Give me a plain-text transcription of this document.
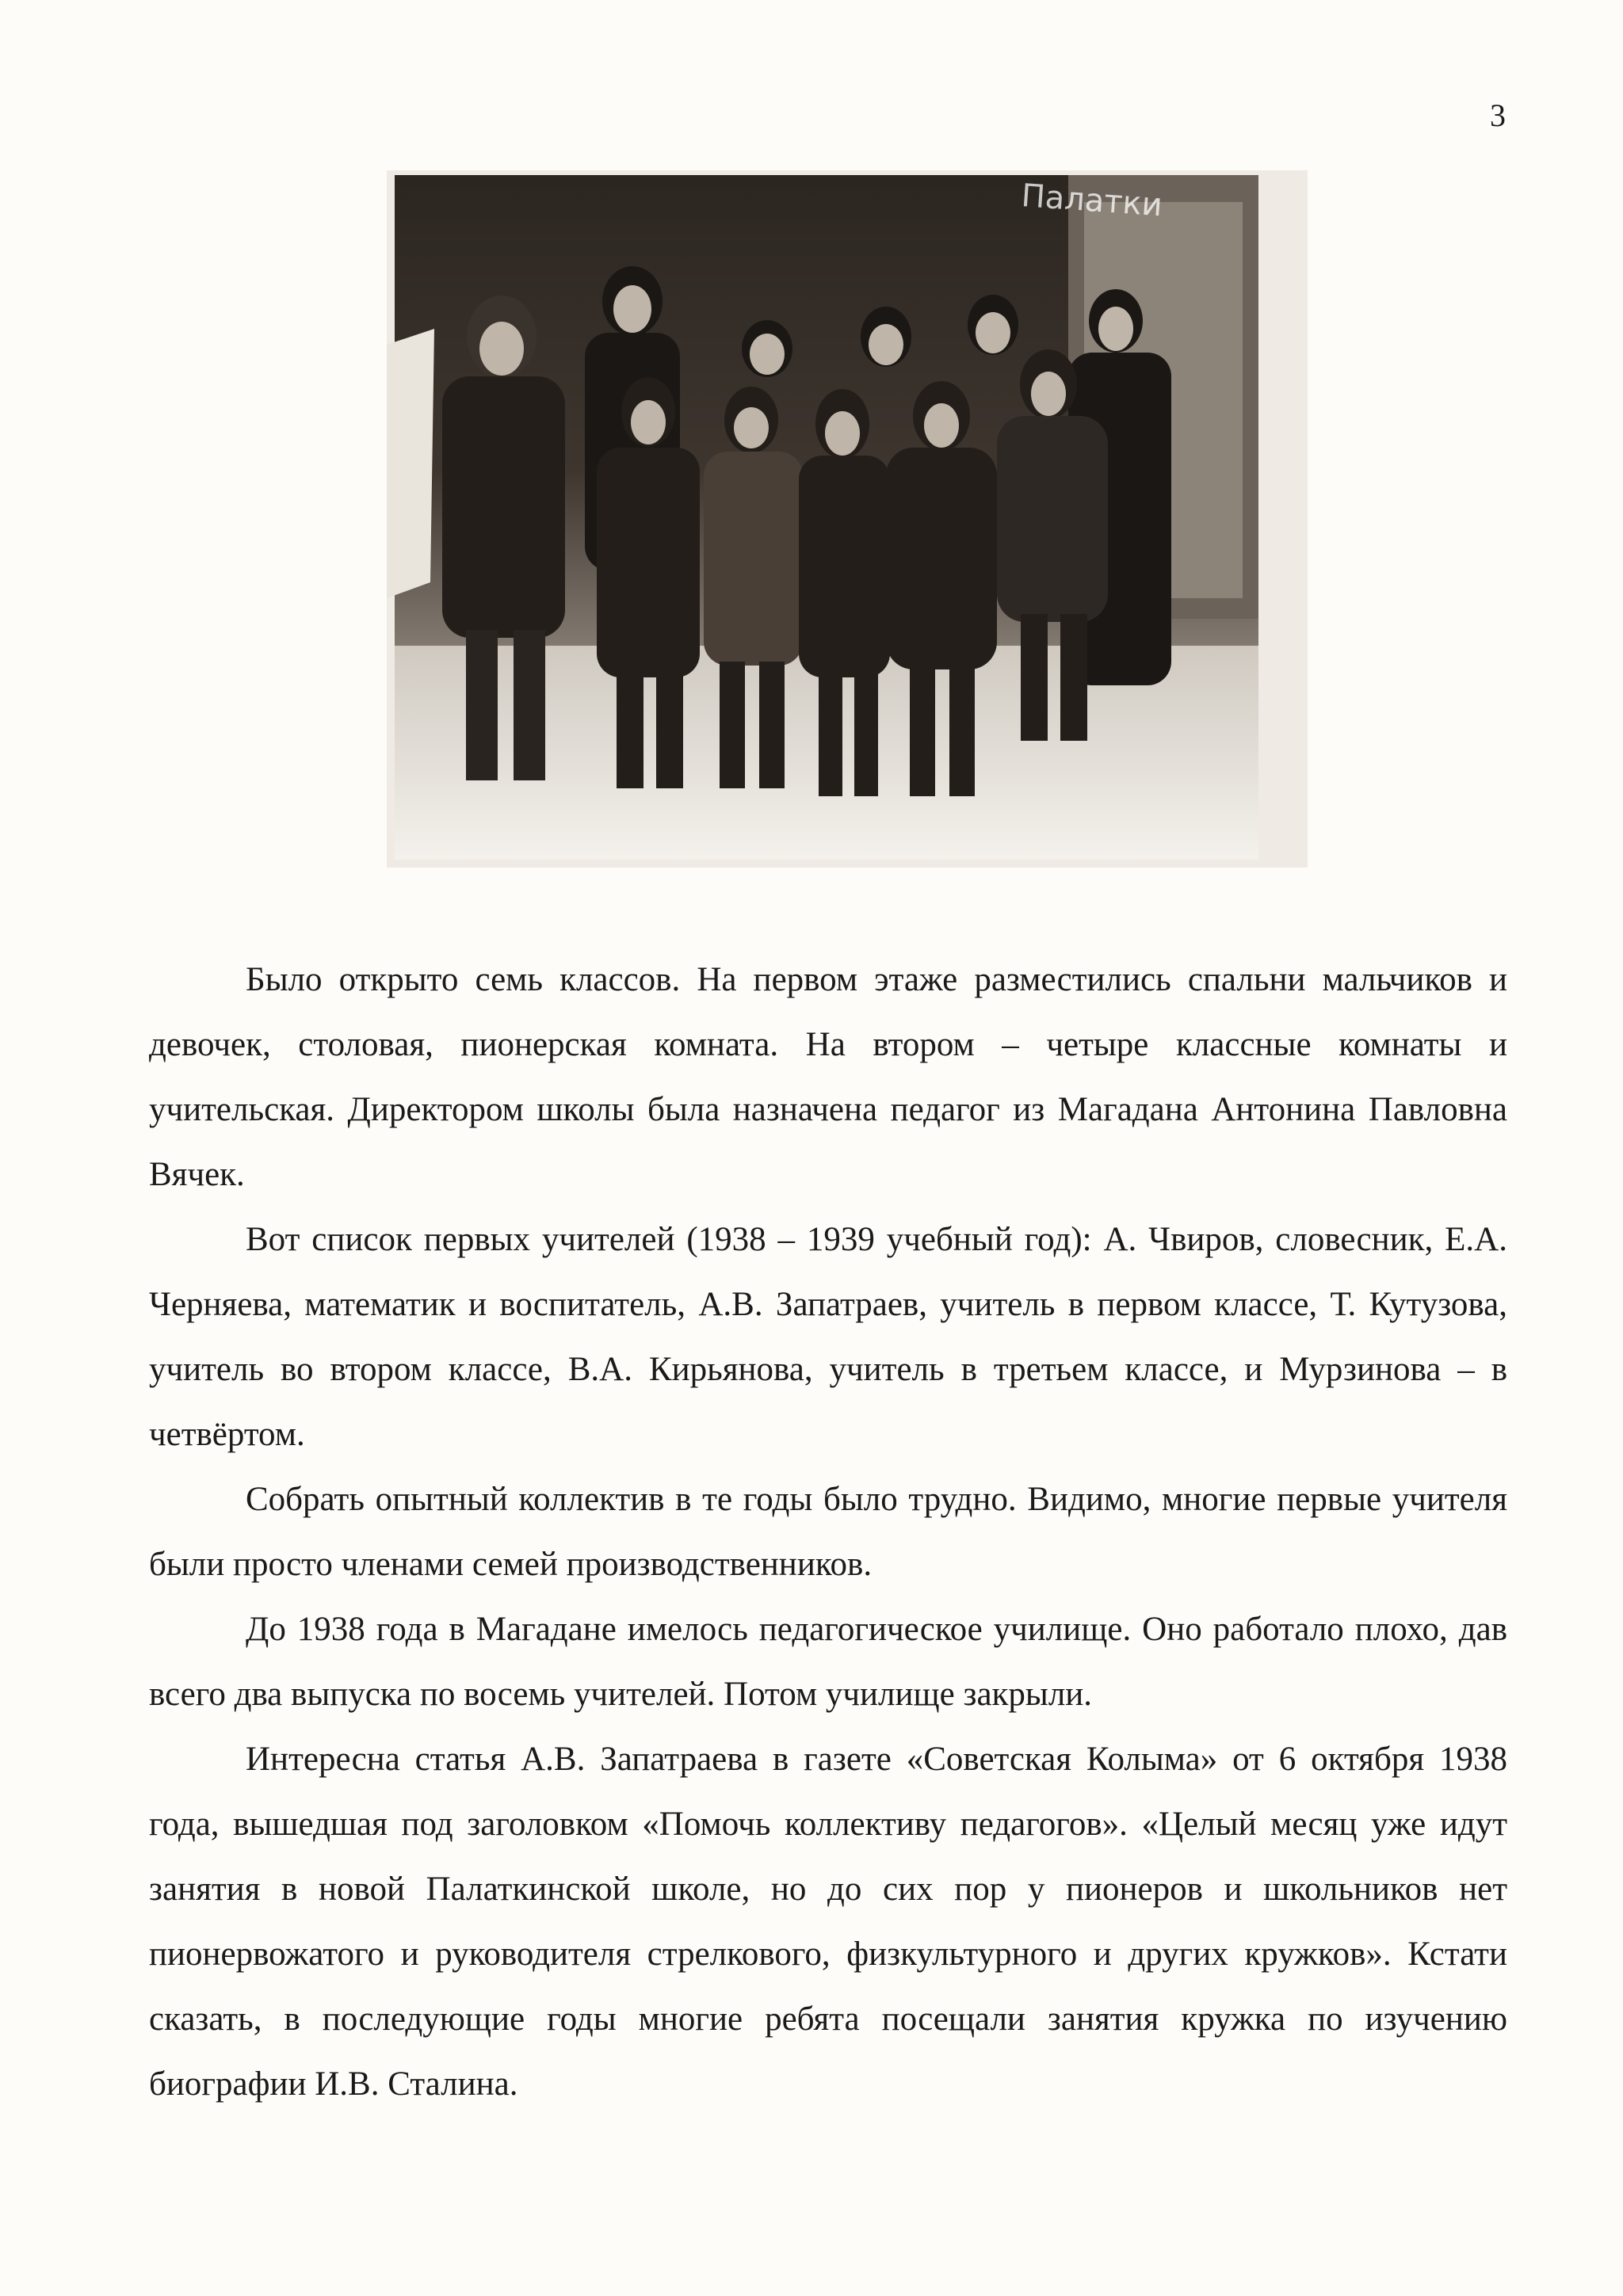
3
Палатки

Было открыто семь классов. На первом этаже разместились спальни мальчиков и девочек, столовая, пионерская комната. На втором – четыре классные комнаты и учительская. Директором школы была назначена педагог из Магадана Антонина Павловна Вячек.

Вот список первых учителей (1938 – 1939 учебный год): А. Чвиров, словесник, Е.А. Черняева, математик и воспитатель, А.В. Запатраев, учитель в первом классе, Т. Кутузова, учитель во втором классе, В.А. Кирьянова, учитель в третьем классе, и Мурзинова – в четвёртом.

Собрать опытный коллектив в те годы было трудно. Видимо, многие первые учителя были просто членами семей производственников.

До 1938 года в Магадане имелось педагогическое училище. Оно работало плохо, дав всего два выпуска по восемь учителей. Потом училище закрыли.

Интересна статья А.В. Запатраева в газете «Советская Колыма» от 6 октября 1938 года, вышедшая под заголовком «Помочь коллективу педагогов». «Целый месяц уже идут занятия в новой Палаткинской школе, но до сих пор у пионеров и школьников нет пионервожатого и руководителя стрелкового, физкультурного и других кружков». Кстати сказать, в последующие годы многие ребята посещали занятия кружка по изучению биографии И.В. Сталина.
